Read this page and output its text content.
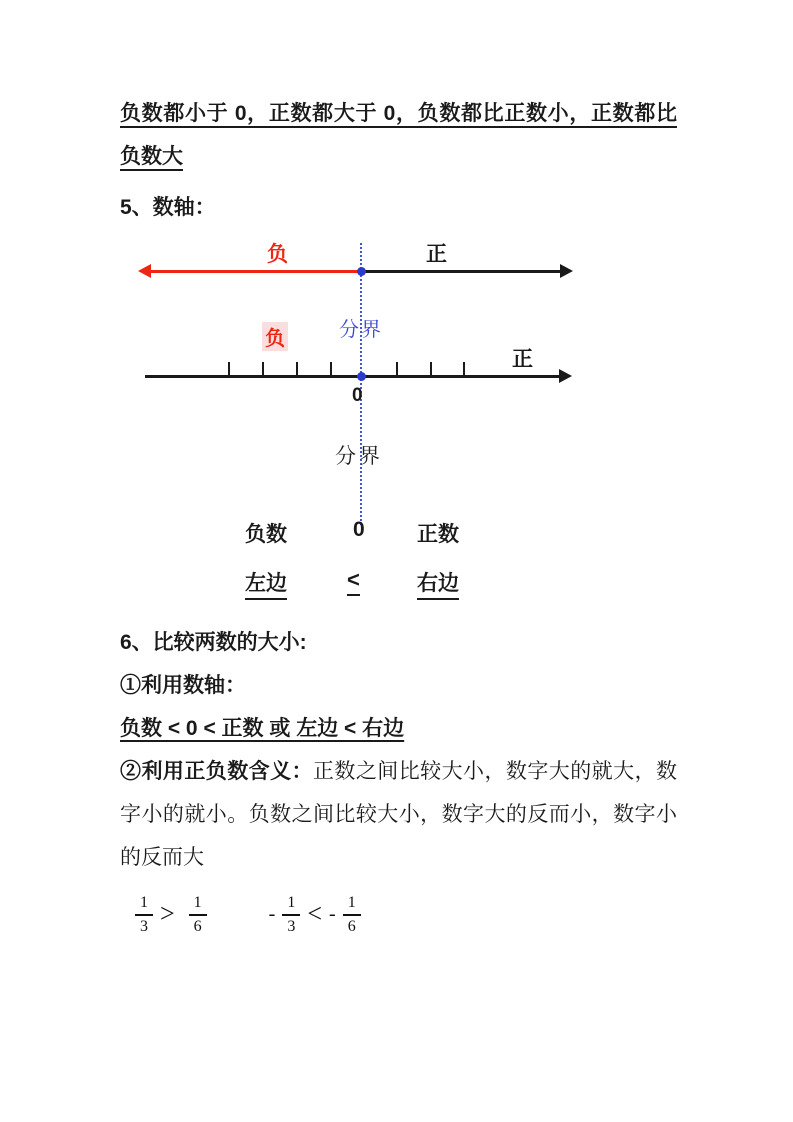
负数都小于 0，正数都大于 0，负数都比正数小，正数都比负数大

5、数轴：

负	正
分界
负
正
0
分界
负数	0 正数
左边	<	右边

6、比较两数的大小:

①利用数轴：

负数 < 0 < 正数 或 左边 < 右边

②利用正负数含义：正数之间比较大小，数字大的就大，数字小的就小。负数之间比较大小，数字大的反而小，数字小的反而大

$\frac{1}{3} > \frac{1}{6}$	- $\frac{1}{3}$ < - $\frac{1}{6}$
